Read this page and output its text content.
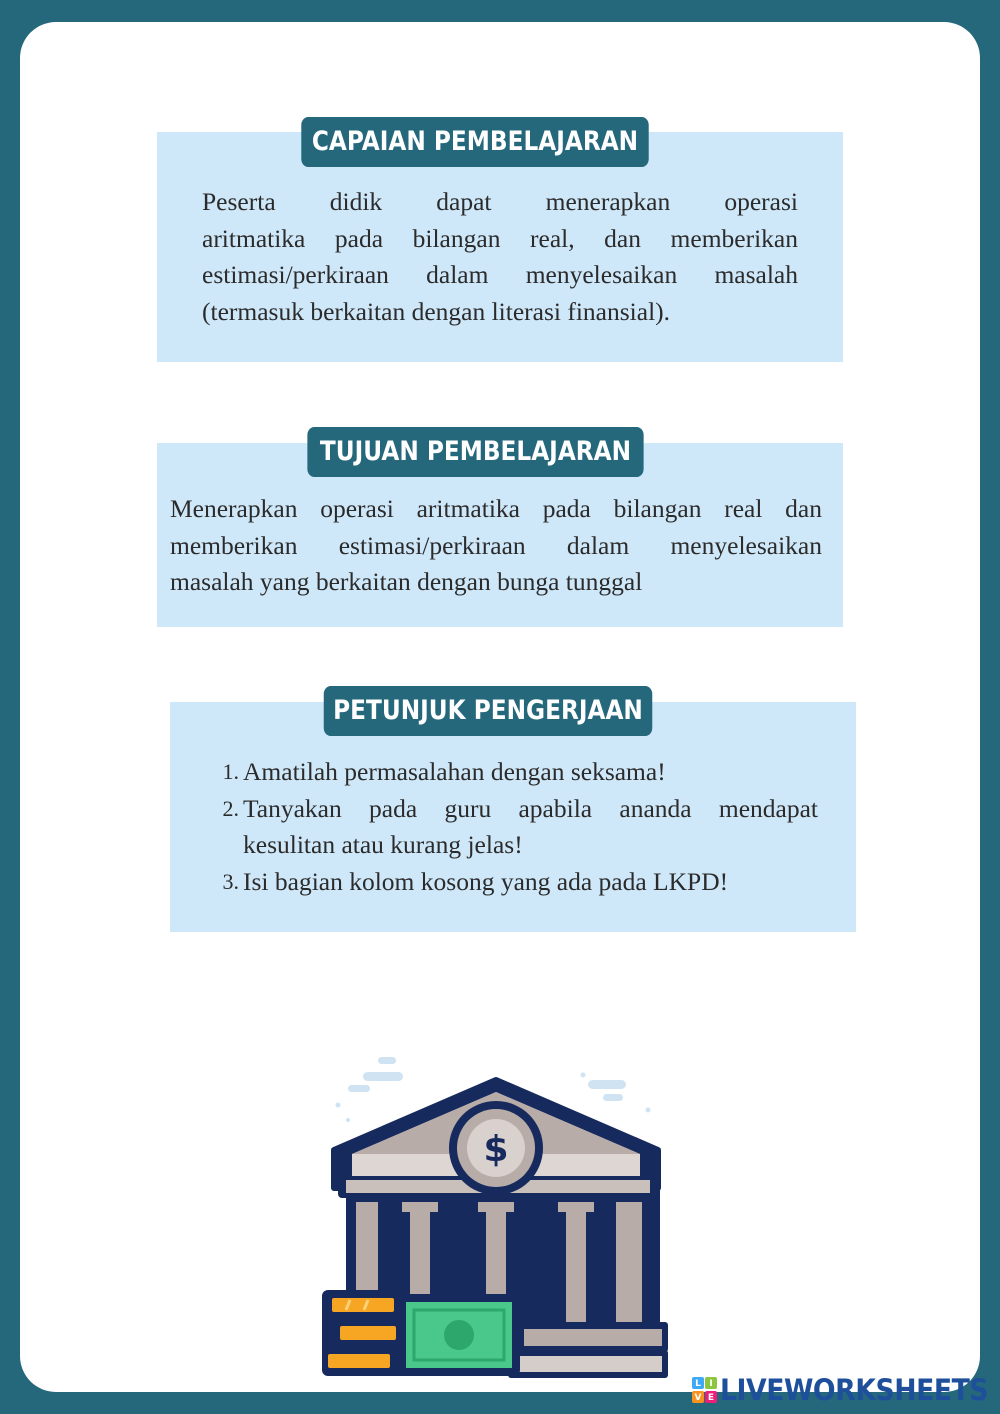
CAPAIAN PEMBELAJARAN
Peserta didik dapat menerapkan operasi
aritmatika pada bilangan real, dan memberikan
estimasi/perkiraan dalam menyelesaikan masalah
(termasuk berkaitan dengan literasi finansial).
TUJUAN PEMBELAJARAN
Menerapkan operasi aritmatika pada bilangan real dan
memberikan estimasi/perkiraan dalam menyelesaikan
masalah yang berkaitan dengan bunga tunggal
PETUNJUK PENGERJAAN
1. Amatilah permasalahan dengan seksama!
2. Tanyakan pada guru apabila ananda mendapat
kesulitan atau kurang jelas!
3. Isi bagian kolom kosong yang ada pada LKPD!
$
L I
V E LIVEWORKSHEETS
